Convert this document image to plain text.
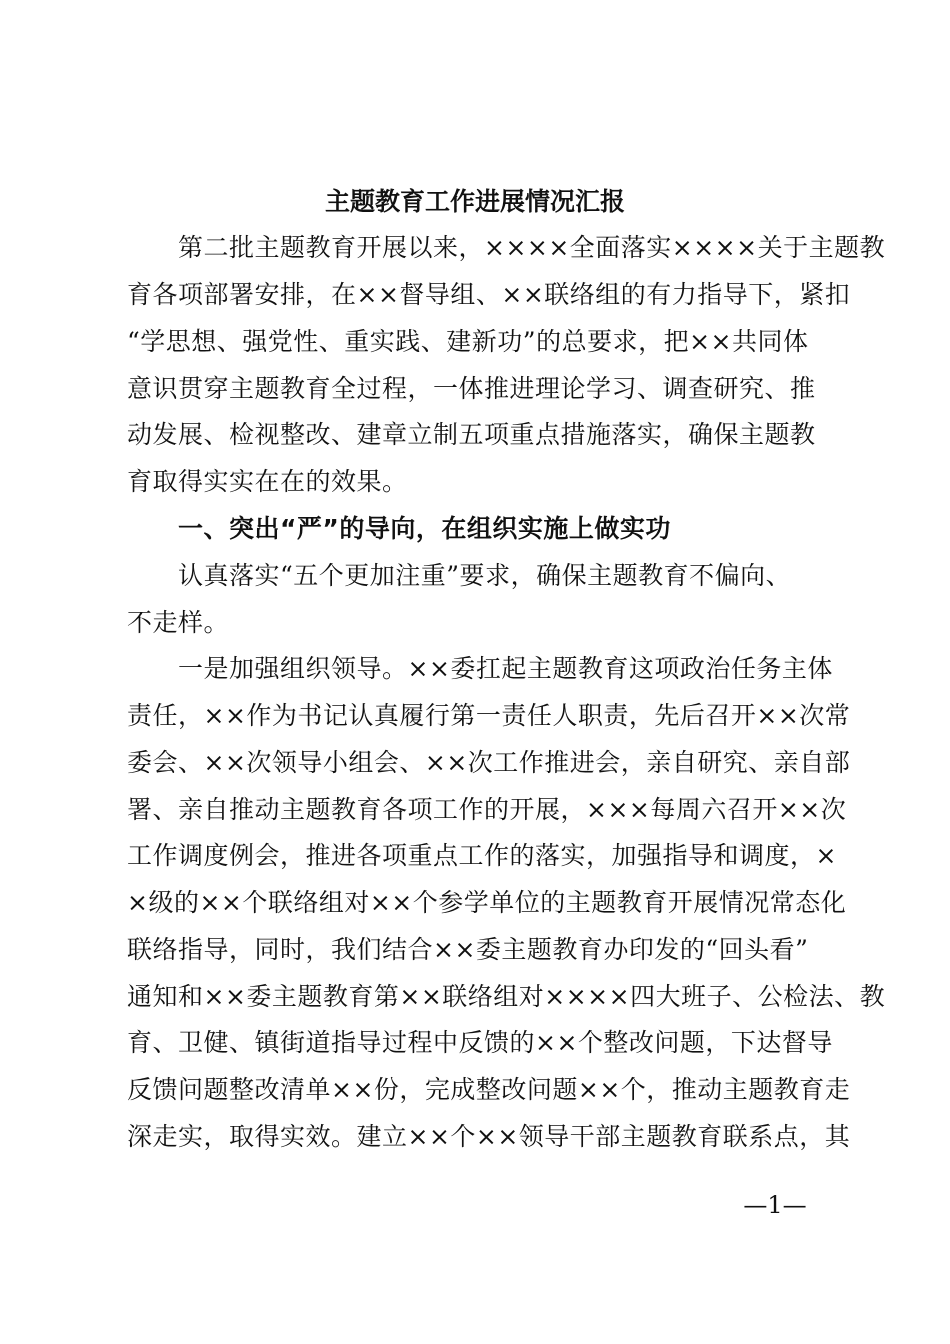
主题教育工作进展情况汇报
第二批主题教育开展以来，××××全面落实××××关于主题教
育各项部署安排，在××督导组、××联络组的有力指导下，紧扣
“学思想、强党性、重实践、建新功”的总要求，把××共同体
意识贯穿主题教育全过程，一体推进理论学习、调查研究、推
动发展、检视整改、建章立制五项重点措施落实，确保主题教
育取得实实在在的效果。
一、突出“严”的导向，在组织实施上做实功
认真落实“五个更加注重”要求，确保主题教育不偏向、
不走样。
一是加强组织领导。××委扛起主题教育这项政治任务主体
责任，××作为书记认真履行第一责任人职责，先后召开××次常
委会、××次领导小组会、××次工作推进会，亲自研究、亲自部
署、亲自推动主题教育各项工作的开展，×××每周六召开××次
工作调度例会，推进各项重点工作的落实，加强指导和调度，×
×级的××个联络组对××个参学单位的主题教育开展情况常态化
联络指导，同时，我们结合××委主题教育办印发的“回头看”
通知和××委主题教育第××联络组对××××四大班子、公检法、教
育、卫健、镇街道指导过程中反馈的××个整改问题，下达督导
反馈问题整改清单××份，完成整改问题××个，推动主题教育走
深走实，取得实效。建立××个××领导干部主题教育联系点，其
—1—
